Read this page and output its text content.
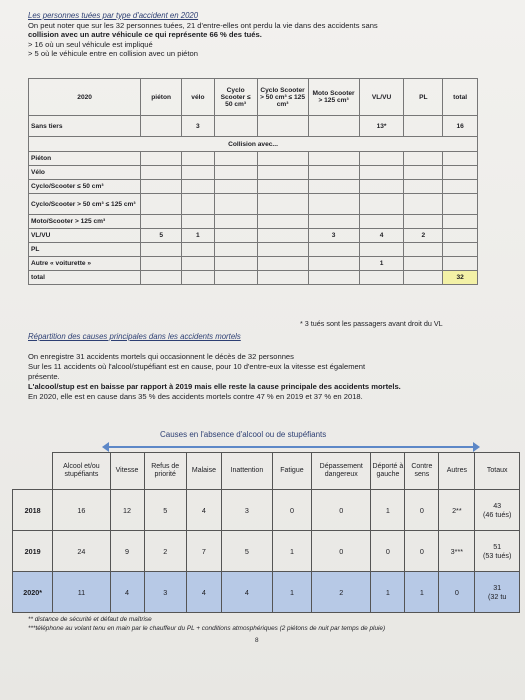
Les personnes tuées par type d'accident en 2020
On peut noter que sur les 32 personnes tuées, 21 d'entre-elles ont perdu la vie dans des accidents sans
collision avec un autre véhicule ce qui représente 66 % des tués.
> 16 où un seul véhicule est impliqué
> 5 où le véhicule entre en collision avec un piéton
2020	piéton	vélo	Cyclo Scooter ≤ 50 cm³	Cyclo Scooter > 50 cm³ ≤ 125 cm³	Moto Scooter > 125 cm³	VL/VU	PL	total
Sans tiers		3				13*		16
Collision avec...								
Piéton								
Vélo								
Cyclo/Scooter ≤ 50 cm³								
Cyclo/Scooter > 50 cm³ ≤ 125 cm³								
Moto/Scooter > 125 cm³								
VL/VU	5	1			3	4	2	
PL								
Autre « voiturette »						1		
total								32
* 3 tués sont les passagers avant droit du VL
Répartition des causes principales dans les accidents mortels
On enregistre 31 accidents mortels qui occasionnent le décès de 32 personnes
Sur les 11 accidents où l'alcool/stupéfiant est en cause, pour 10 d'entre-eux la vitesse est également
présente.
L'alcool/stup est en baisse par rapport à 2019 mais elle reste la cause principale des accidents mortels.
En 2020, elle est en cause dans 35 % des accidents mortels contre 47 % en 2019 et 37 % en 2018.
Causes en l'absence d'alcool ou de stupéfiants
	Alcool et/ou stupéfiants	Vitesse	Refus de priorité	Malaise	Inattention	Fatigue	Dépassement dangereux	Déporté à gauche	Contre sens	Autres	Totaux
2018	16	12	5	4	3	0	0	1	0	2**	43
(46 tués)

2019	24	9	2	7	5	1	0	0	0	3***	51
(53 tués)

2020*	11	4	3	4	4	1	2	1	1	0	31
(32 tu
** distance de sécurité et défaut de maîtrise
***téléphone au volant tenu en main par le chauffeur du PL + conditions atmosphériques (2 piétons de nuit par temps de pluie)
8
